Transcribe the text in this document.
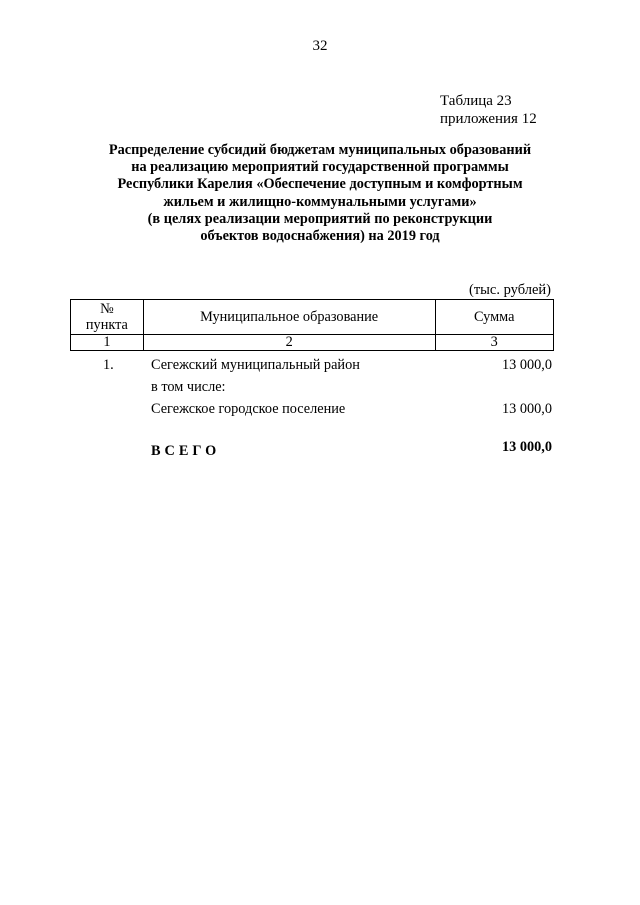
32
Таблица 23
приложения 12
Распределение субсидий бюджетам муниципальных образований
на реализацию мероприятий государственной программы
Республики Карелия «Обеспечение доступным и комфортным
жильем и жилищно-коммунальными услугами»
(в целях реализации мероприятий по реконструкции
объектов водоснабжения) на 2019 год
(тыс. рублей)
№
пункта	Муниципальное образование	Сумма
1	2	3
1.	Сегежский муниципальный район	13 000,0
в том числе:
Сегежское городское поселение	13 000,0
ВСЕГО	13 000,0
